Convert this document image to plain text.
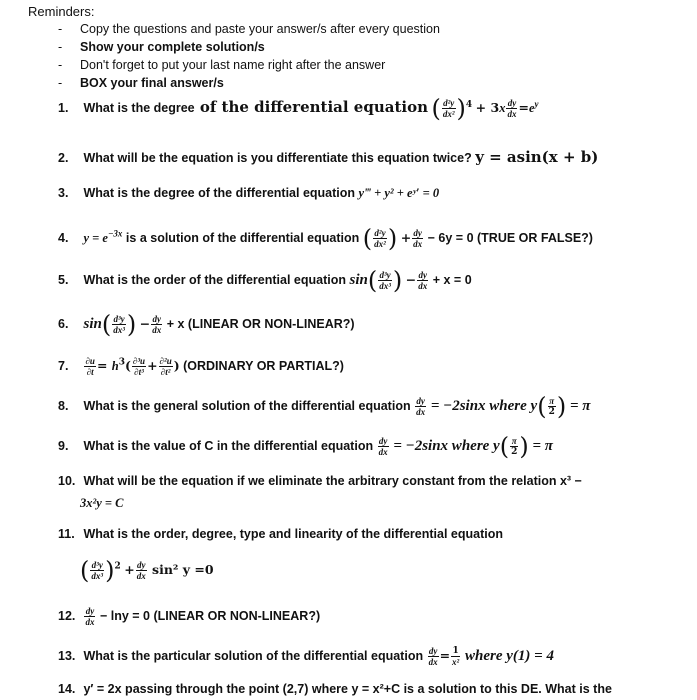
Reminders:
- Copy the questions and paste your answer/s after every question
- Show your complete solution/s
- Don't forget to put your last name right after the answer
- BOX your final answer/s
1. What is the degree of the differential equation ( $\frac{\text{d²y}}{\text{dx²}} )^4 + 3x \frac{dy}{dx} =e^y$
2. What will be the equation is you differentiate this equation twice? y = asin(x + b)
3. What is the degree of the differential equation y‴ + y² + eʸ′ = 0
4. $y = e^{-3x}$ is a solution of the differential equation ( $\frac{\text{d²y}}{\text{dx²}}$ ) + $\frac{dy}{dx} - 6y = 0$ (TRUE OR FALSE?)
5. What is the order of the differential equation $\sin( \frac{\text{d³y}}{\text{dx³}}$ ) − $\frac{dy}{dx} + x = 0$
6. $\sin( \frac{\text{d³y}}{\text{dx³}}$ ) − $\frac{dy}{dx} + x$ (LINEAR OR NON-LINEAR?)
7. $\frac{\partial u}{\partial t} = h^3( \frac{\text{∂³u}}{\text{∂t³}} + \frac{\text{∂²u}}{\text{∂t²}}$ ) (ORDINARY OR PARTIAL?)
8. What is the general solution of the differential equation $\frac{dy}{dx} = -2\sin x$ where $y( \frac{\pi}{2}$ ) = π
9. What is the value of C in the differential equation $\frac{dy}{dx} = -2\sin x$ where $y( \frac{\pi}{2}$ ) = π
10. What will be the equation if we eliminate the arbitrary constant from the relation x³ −
3x²y = C
11. What is the order, degree, type and linearity of the differential equation
( $\frac{\text{d³y}}{\text{dx³}} )^2 + \frac{dy}{dx} \sin^2$ y =0
12. $\frac{dy}{dx} - \ln y = 0$ (LINEAR OR NON-LINEAR?)
13. What is the particular solution of the differential equation $\frac{dy}{dx} = \frac{1}{\text{x²}}$ where y(1) = 4
14. y′ = 2x passing through the point (2,7) where y = x²+C is a solution to this DE. What is the
